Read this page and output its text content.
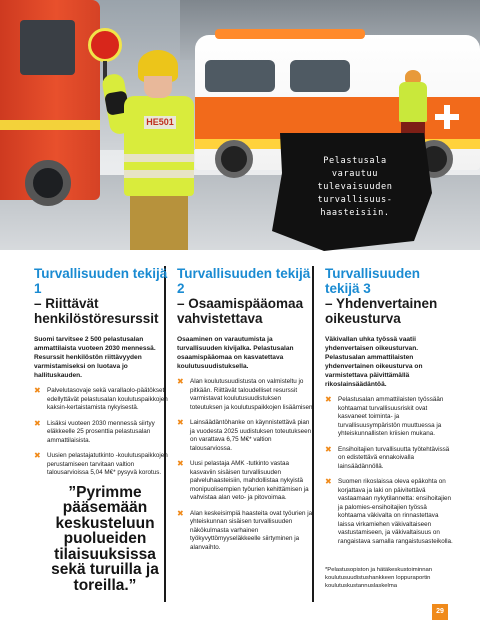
HE501
Pelastusala
varautuu
tulevaisuuden
turvallisuus-
haasteisiin.
Turvallisuuden tekijä 1
– Riittävät henkilöstöresurssit
Suomi tarvitsee 2 500 pelastusalan ammattilaista vuoteen 2030 mennessä. Resurssit henkilöstön riittävyyden varmistamiseksi on luotava jo hallituskauden.
✖ Palvelutasovaje sekä varallaolo-päätökset edellyttävät pelastusalan koulutuspaikkojen kaksin-kertaistamista nykyisestä.
✖ Lisäksi vuoteen 2030 mennessä siirtyy eläkkeelle 25 prosenttia pelastusalan ammattilaisista.
✖ Uusien pelastajatutkinto -koulutuspaikkojen perustamiseen tarvitaan valtion talousarvioissa 5,04 M€* pysyvä korotus.
”Pyrimme pääsemään keskusteluun puolueiden tilaisuuksissa sekä turuilla ja toreilla.”
Turvallisuuden tekijä 2
– Osaamispääomaa vahvistettava
Osaaminen on varautumista ja turvallisuuden kivijalka. Pelastusalan osaamispääomaa on kasvatettava koulutusuudistuksella.
✖ Alan koulutusuudistusta on valmisteltu jo pitkään. Riittävät taloudelliset resurssit varmistavat koulutusuudistuksen toteutuksen ja koulutuspaikkojen lisäämisen.
✖ Lainsäädäntöhanke on käynnistettävä pian ja vuodesta 2025 uudistuksen toteutukseen on varattava 6,75 M€* valtion talousarviossa.
✖ Uusi pelastaja AMK -tutkinto vastaa kasvaviin sisäisen turvallisuuden palveluhaasteisiin, mahdollistaa nykyistä monipuolisempien työurien kehittämisen ja vahvistaa alan veto- ja pitovoimaa.
✖ Alan keskeisimpiä haasteita ovat työurien ja yhteiskunnan sisäisen turvallisuuden näkökulmasta varhainen työkyvyttömyyseläkkeelle siirtyminen ja alanvaihto.
Turvallisuuden tekijä 3
– Yhdenvertainen oikeusturva
Väkivallan uhka työssä vaatii yhdenvertaisen oikeusturvan. Pelastusalan ammattilaisten yhdenvertainen oikeusturva on varmistettava päivittämällä rikoslainsäädäntöä.
✖ Pelastusalan ammattilaisten työssään kohtaamat turvallisuusriskit ovat kasvaneet toiminta- ja turvallisuusympäristön muuttuessa ja yhteiskunnallisten kriisien mukana.
✖ Ensihoitajien turvallisuutta työtehtävissä on edistettävä ennakoivalla lainsäädännöllä.
✖ Suomen rikoslaissa oleva epäkohta on korjattava ja laki on päivitettävä vastaamaan nykytilannetta: ensihoitajien ja palomies-ensihoitajien työssä kohtaama väkivalta on rinnastettava laissa virkamiehen väkivaltaiseen vastustamiseen, ja väkivaltaisuus on rangaistava samalla rangaistusasteikolla.
*Pelastusopiston ja hätäkeskustoiminnan koulutusuudistushankkeen loppuraportin koulutuskustannuslaskelma
29
